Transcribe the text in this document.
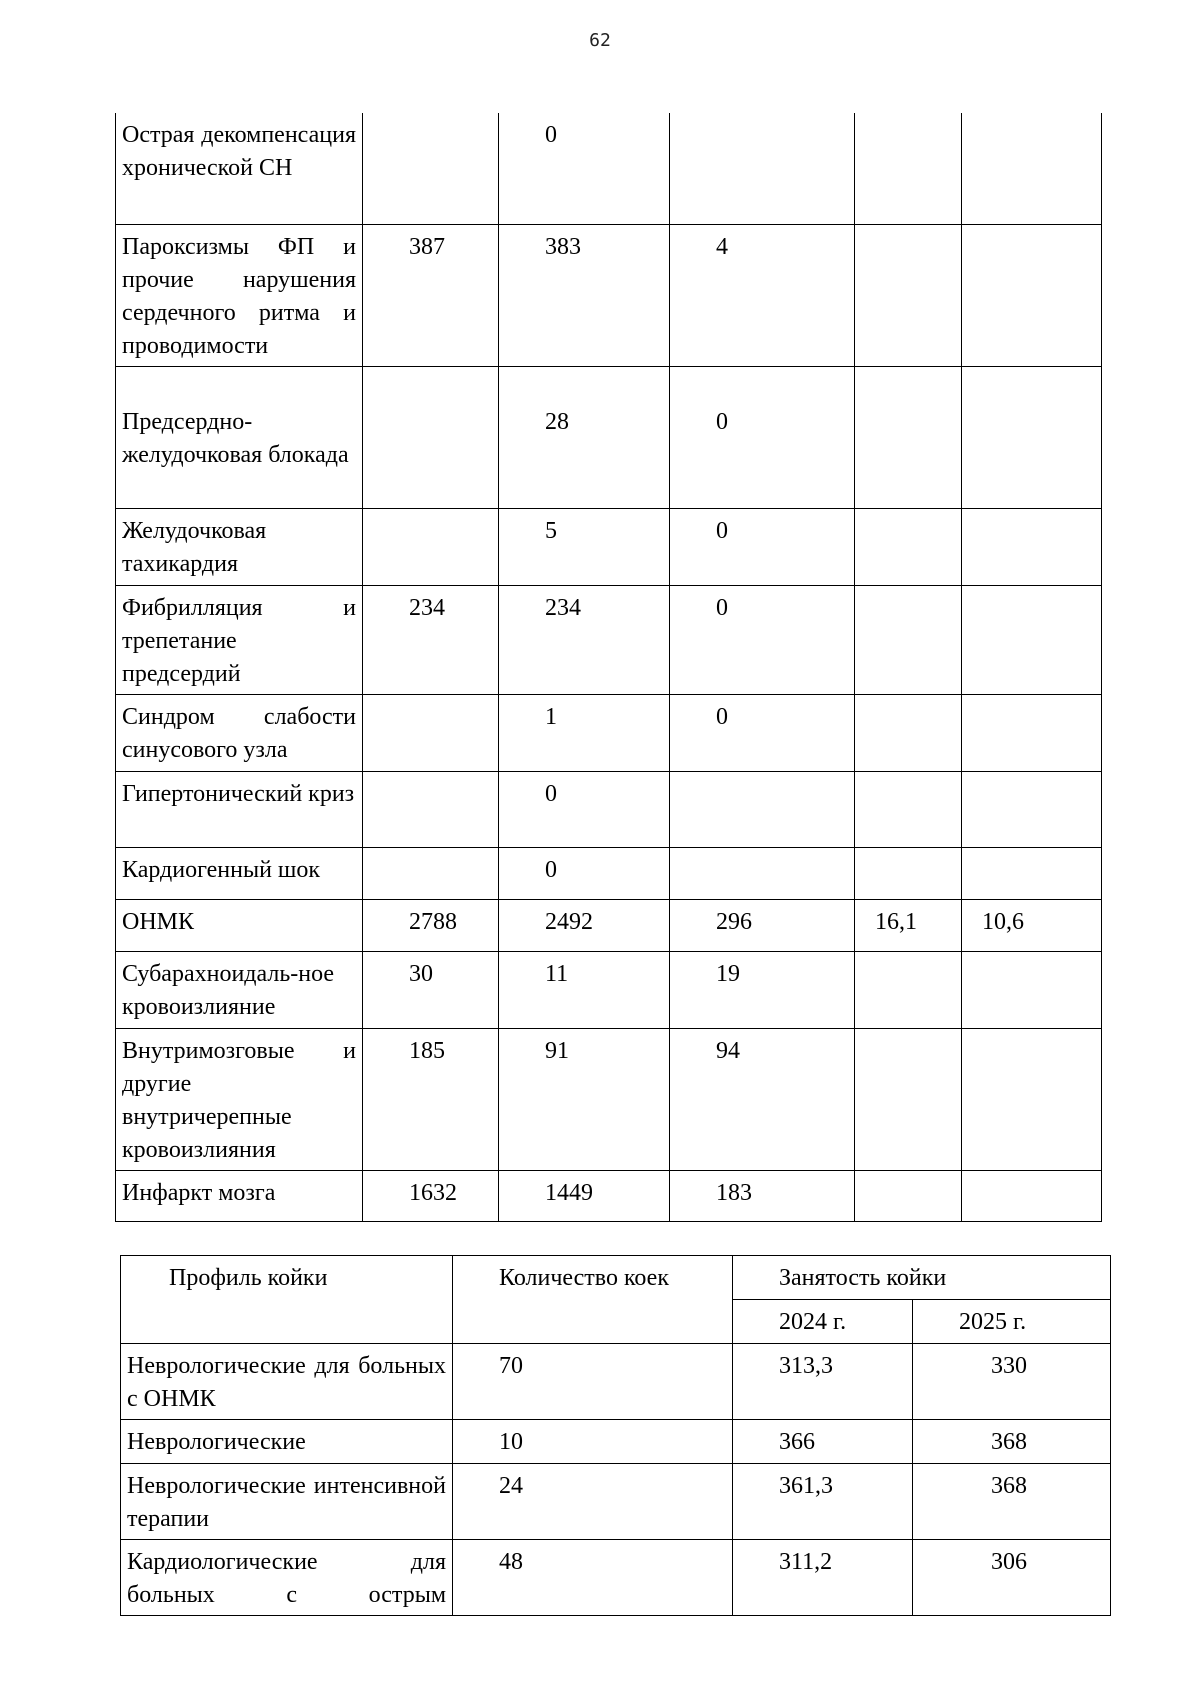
62
Острая декомпенсация хронической СН		0			
Пароксизмы ФП и прочие нарушения сердечного ритма и проводимости	387	383	4		
Предсердно-желудочковая блокада		28	0		
Желудочковая тахикардия		5	0		
Фибрилляция и трепетание предсердий	234	234	0		
Синдром слабости синусового узла		1	0		
Гипертонический криз		0			
Кардиогенный шок		0			
ОНМК	2788	2492	296	16,1	10,6
Субарахноидаль-ное кровоизлияние	30	11	19		
Внутримозговые и другие внутричерепные кровоизлияния	185	91	94		
Инфаркт мозга	1632	1449	183		
Профиль койки	Количество коек	Занятость койки	
		2024 г.	2025 г.
Неврологические для больных с ОНМК	70	313,3	330
Неврологические	10	366	368
Неврологические интенсивной терапии	24	361,3	368
Кардиологические для больных с острым	48	311,2	306
